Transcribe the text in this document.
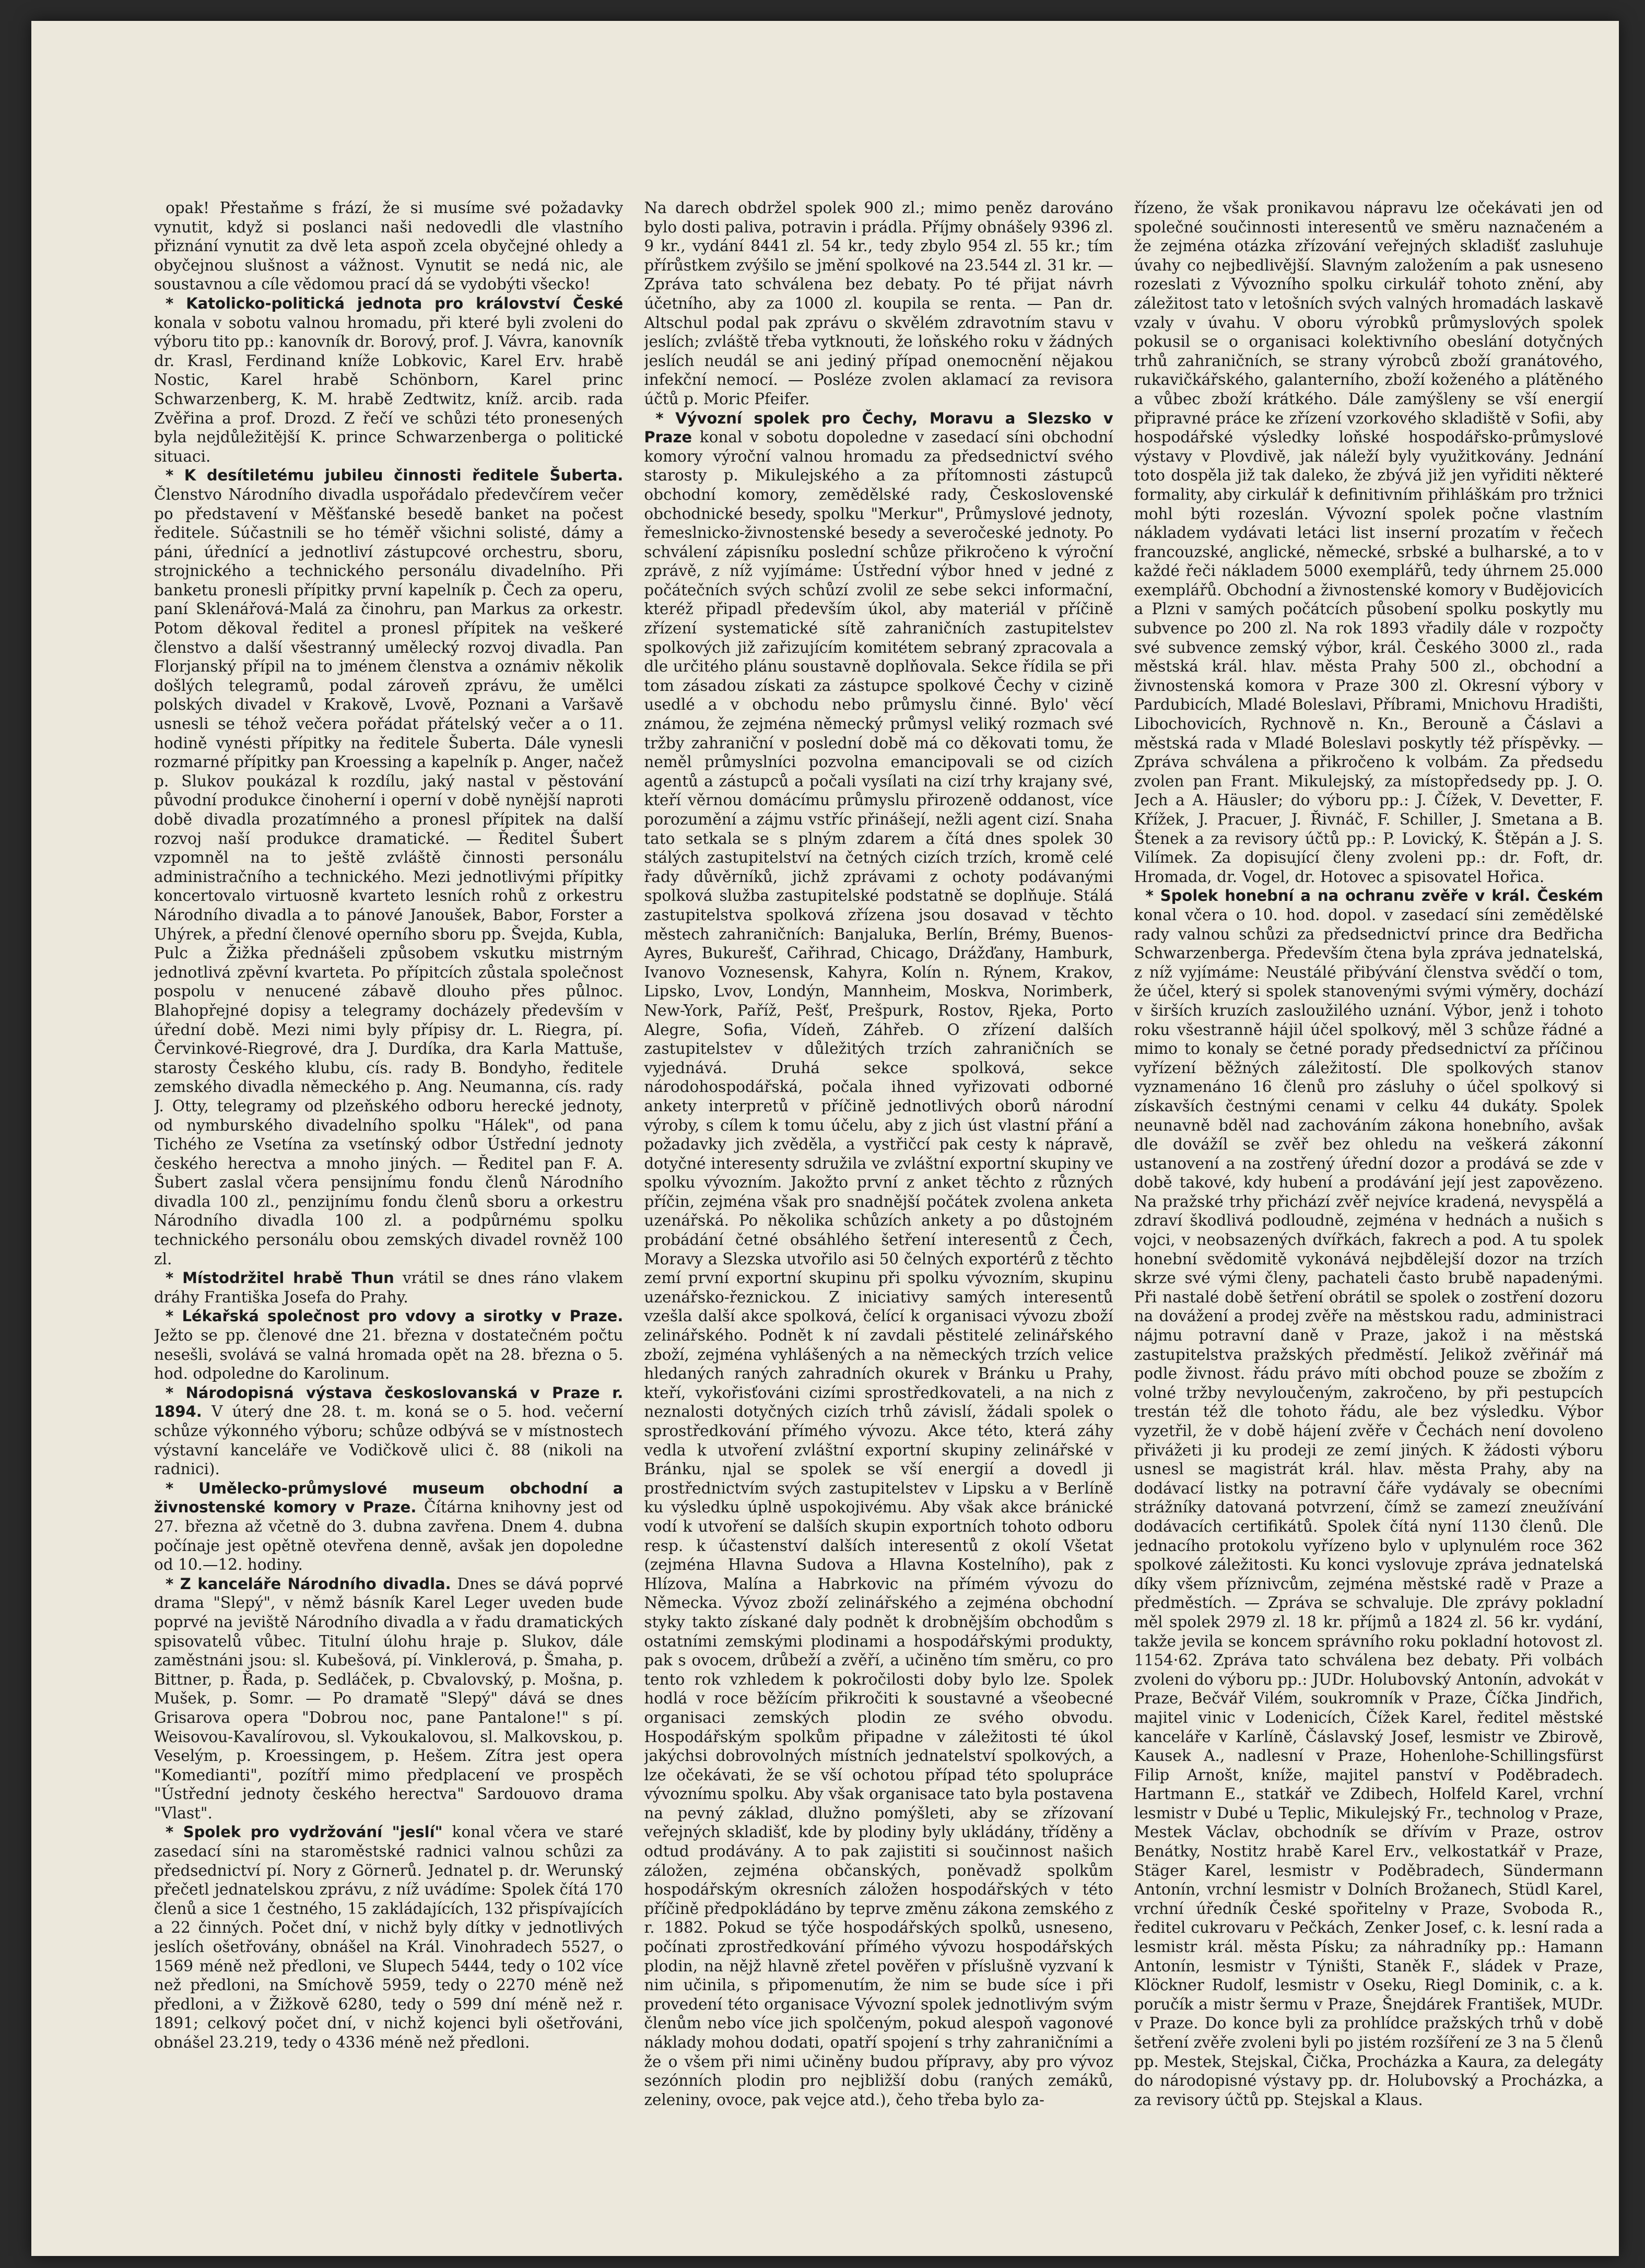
opak! Přestaňme s frází, že si musíme své požadavky vynutit, když si poslanci naši nedovedli dle vlastního přiznání vynutit za dvě leta aspoň zcela obyčejné ohledy a obyčejnou slušnost a vážnost. Vynutit se nedá nic, ale soustavnou a cíle vědomou prací dá se vydobýti všecko!

* Katolicko-politická jednota pro království České konala v sobotu valnou hromadu, při které byli zvoleni do výboru tito pp.: kanovník dr. Borový, prof. J. Vávra, kanovník dr. Krasl, Ferdinand kníže Lobkovic, Karel Erv. hrabě Nostic, Karel hrabě Schönborn, Karel princ Schwarzenberg, K. M. hrabě Zedtwitz, kníž. arcib. rada Zvěřina a prof. Drozd. Z řečí ve schůzi této pronesených byla nejdůležitější K. prince Schwarzenberga o politické situaci.

* K desítiletému jubileu činnosti ředitele Šuberta. Členstvo Národního divadla uspořádalo předevčírem večer po představení v Měšťanské besedě banket na počest ředitele. Súčastnili se ho téměř všichni solisté, dámy a páni, úřednící a jednotliví zástupcové orchestru, sboru, strojnického a technického personálu divadelního. Při banketu pronesli přípitky první kapelník p. Čech za operu, paní Sklenářová-Malá za činohru, pan Markus za orkestr. Potom děkoval ředitel a pronesl přípitek na veškeré členstvo a další všestranný umělecký rozvoj divadla. Pan Florjanský přípil na to jménem členstva a oznámiv několik došlých telegramů, podal zároveň zprávu, že umělci polských divadel v Krakově, Lvově, Poznani a Varšavě usnesli se téhož večera pořádat přátelský večer a o 11. hodině vynésti přípitky na ředitele Šuberta. Dále vynesli rozmarné přípitky pan Kroessing a kapelník p. Anger, načež p. Slukov poukázal k rozdílu, jaký nastal v pěstování původní produkce činoherní i operní v době nynější naproti době divadla prozatímného a pronesl přípitek na další rozvoj naší produkce dramatické. — Ředitel Šubert vzpomněl na to ještě zvláště činnosti personálu administračního a technického. Mezi jednotlivými přípitky koncertovalo virtuosně kvarteto lesních rohů z orkestru Národního divadla a to pánové Janoušek, Babor, Forster a Uhýrek, a přední členové operního sboru pp. Švejda, Kubla, Pulc a Žižka přednášeli způsobem vskutku mistrným jednotlivá zpěvní kvarteta. Po přípitcích zůstala společnost pospolu v nenucené zábavě dlouho přes půlnoc. Blahopřejné dopisy a telegramy docházely především v úřední době. Mezi nimi byly přípisy dr. L. Riegra, pí. Červinkové-Riegrové, dra J. Durdíka, dra Karla Mattuše, starosty Českého klubu, cís. rady B. Bondyho, ředitele zemského divadla německého p. Ang. Neumanna, cís. rady J. Otty, telegramy od plzeňského odboru herecké jednoty, od nymburského divadelního spolku "Hálek", od pana Tichého ze Vsetína za vsetínský odbor Ústřední jednoty českého herectva a mnoho jiných. — Ředitel pan F. A. Šubert zaslal včera pensijnímu fondu členů Národního divadla 100 zl., penzijnímu fondu členů sboru a orkestru Národního divadla 100 zl. a podpůrnému spolku technického personálu obou zemských divadel rovněž 100 zl.

* Místodržitel hrabě Thun vrátil se dnes ráno vlakem dráhy Františka Josefa do Prahy.

* Lékařská společnost pro vdovy a sirotky v Praze. Ježto se pp. členové dne 21. března v dostatečném počtu nesešli, svolává se valná hromada opět na 28. března o 5. hod. odpoledne do Karolinum.

* Národopisná výstava českoslovanská v Praze r. 1894. V úterý dne 28. t. m. koná se o 5. hod. večerní schůze výkonného výboru; schůze odbývá se v místnostech výstavní kanceláře ve Vodičkově ulici č. 88 (nikoli na radnici).

* Umělecko-průmyslové museum obchodní a živnostenské komory v Praze. Čítárna knihovny jest od 27. března až včetně do 3. dubna zavřena. Dnem 4. dubna počínaje jest opětně otevřena denně, avšak jen dopoledne od 10.—12. hodiny.

* Z kanceláře Národního divadla. Dnes se dává poprvé drama "Slepý", v němž básník Karel Leger uveden bude poprvé na jeviště Národního divadla a v řadu dramatických spisovatelů vůbec. Titulní úlohu hraje p. Slukov, dále zaměstnáni jsou: sl. Kubešová, pí. Vinklerová, p. Šmaha, p. Bittner, p. Řada, p. Sedláček, p. Cbvalovský, p. Mošna, p. Mušek, p. Somr. — Po dramatě "Slepý" dává se dnes Grisarova opera "Dobrou noc, pane Pantalone!" s pí. Weisovou-Kavalírovou, sl. Vykoukalovou, sl. Malkovskou, p. Veselým, p. Kroessingem, p. Hešem. Zítra jest opera "Komedianti", pozítří mimo předplacení ve prospěch "Ústřední jednoty českého herectva" Sardouovo drama "Vlast".

* Spolek pro vydržování "jeslí" konal včera ve staré zasedací síni na staroměstské radnici valnou schůzi za předsednictví pí. Nory z Görnerů. Jednatel p. dr. Werunský přečetl jednatelskou zprávu, z níž uvádíme: Spolek čítá 170 členů a sice 1 čestného, 15 zakládajících, 132 přispívajících a 22 činných. Počet dní, v nichž byly dítky v jednotlivých jeslích ošetřovány, obnášel na Král. Vinohradech 5527, o 1569 méně než předloni, ve Slupech 5444, tedy o 102 více než předloni, na Smíchově 5959, tedy o 2270 méně než předloni, a v Žižkově 6280, tedy o 599 dní méně než r. 1891; celkový počet dní, v nichž kojenci byli ošetřováni, obnášel 23.219, tedy o 4336 méně než předloni.

Na darech obdržel spolek 900 zl.; mimo peněz darováno bylo dosti paliva, potravin i prádla. Příjmy obnášely 9396 zl. 9 kr., vydání 8441 zl. 54 kr., tedy zbylo 954 zl. 55 kr.; tím přírůstkem zvýšilo se jmění spolkové na 23.544 zl. 31 kr. — Zpráva tato schválena bez debaty. Po té přijat návrh účetního, aby za 1000 zl. koupila se renta. — Pan dr. Altschul podal pak zprávu o skvělém zdravotním stavu v jeslích; zvláště třeba vytknouti, že loňského roku v žádných jeslích neudál se ani jediný případ onemocnění nějakou infekční nemocí. — Posléze zvolen aklamací za revisora účtů p. Moric Pfeifer.

* Vývozní spolek pro Čechy, Moravu a Slezsko v Praze konal v sobotu dopoledne v zasedací síni obchodní komory výroční valnou hromadu za předsednictví svého starosty p. Mikulejského a za přítomnosti zástupců obchodní komory, zemědělské rady, Československé obchodnické besedy, spolku "Merkur", Průmyslové jednoty, řemeslnicko-živnostenské besedy a severočeské jednoty. Po schválení zápisníku poslední schůze přikročeno k výroční zprávě, z níž vyjímáme: Ústřední výbor hned v jedné z počátečních svých schůzí zvolil ze sebe sekci informační, kteréž připadl především úkol, aby materiál v příčině zřízení systematické sítě zahraničních zastupitelstev spolkových již zařizujícím komitétem sebraný zpracovala a dle určitého plánu soustavně doplňovala. Sekce řídila se při tom zásadou získati za zástupce spolkové Čechy v cizině usedlé a v obchodu nebo průmyslu činné. Bylo' věcí známou, že zejména německý průmysl veliký rozmach své tržby zahraniční v poslední době má co děkovati tomu, že neměl průmyslníci pozvolna emancipovali se od cizích agentů a zástupců a počali vysílati na cizí trhy krajany své, kteří věrnou domácímu průmyslu přirozeně oddanost, více porozumění a zájmu vstříc přinášejí, nežli agent cizí. Snaha tato setkala se s plným zdarem a čítá dnes spolek 30 stálých zastupitelství na četných cizích trzích, kromě celé řady důvěrníků, jichž zprávami z ochoty podávanými spolková služba zastupitelské podstatně se doplňuje. Stálá zastupitelstva spolková zřízena jsou dosavad v těchto městech zahraničních: Banjaluka, Berlín, Brémy, Buenos-Ayres, Bukurešť, Cařihrad, Chicago, Drážďany, Hamburk, Ivanovo Voznesensk, Kahyra, Kolín n. Rýnem, Krakov, Lipsko, Lvov, Londýn, Mannheim, Moskva, Norimberk, New-York, Paříž, Pešť, Prešpurk, Rostov, Rjeka, Porto Alegre, Sofia, Vídeň, Záhřeb. O zřízení dalších zastupitelstev v důležitých trzích zahraničních se vyjednává. Druhá sekce spolková, sekce národohospodářská, počala ihned vyřizovati odborné ankety interpretů v příčině jednotlivých oborů národní výroby, s cílem k tomu účelu, aby z jich úst vlastní přání a požadavky jich zvěděla, a vystřičcí pak cesty k nápravě, dotyčné interesenty sdružila ve zvláštní exportní skupiny ve spolku vývozním. Jakožto první z anket těchto z různých příčin, zejména však pro snadnější počátek zvolena anketa uzenářská. Po několika schůzích ankety a po důstojném probádání četné obsáhlého šetření interesentů z Čech, Moravy a Slezska utvořilo asi 50 čelných exportérů z těchto zemí první exportní skupinu při spolku vývozním, skupinu uzenářsko-řeznickou. Z iniciativy samých interesentů vzešla další akce spolková, čelící k organisaci vývozu zboží zelinářského. Podnět k ní zavdali pěstitelé zelinářského zboží, zejména vyhlášených a na německých trzích velice hledaných raných zahradních okurek v Bránku u Prahy, kteří, vykořisťováni cizími sprostředkovateli, a na nich z neznalosti dotyčných cizích trhů závislí, žádali spolek o sprostředkování přímého vývozu. Akce této, která záhy vedla k utvoření zvláštní exportní skupiny zelinářské v Bránku, njal se spolek se vší energií a dovedl ji prostřednictvím svých zastupitelstev v Lipsku a v Berlíně ku výsledku úplně uspokojivému. Aby však akce bránické vodí k utvoření se dalších skupin exportních tohoto odboru resp. k účastenství dalších interesentů z okolí Všetat (zejména Hlavna Sudova a Hlavna Kostelního), pak z Hlízova, Malína a Habrkovic na přímém vývozu do Německa. Vývoz zboží zelinářského a zejména obchodní styky takto získané daly podnět k drobnějším obchodům s ostatními zemskými plodinami a hospodářskými produkty, pak s ovocem, drůbeží a zvěří, a učiněno tím směru, co pro tento rok vzhledem k pokročilosti doby bylo lze. Spolek hodlá v roce běžícím přikročiti k soustavné a všeobecné organisaci zemských plodin ze svého obvodu. Hospodářským spolkům připadne v záležitosti té úkol jakýchsi dobrovolných místních jednatelství spolkových, a lze očekávati, že se vší ochotou případ této spolupráce vývoznímu spolku. Aby však organisace tato byla postavena na pevný základ, dlužno pomýšleti, aby se zřízovaní veřejných skladišť, kde by plodiny byly ukládány, tříděny a odtud prodávány. A to pak zajistiti si součinnost našich záložen, zejména občanských, poněvadž spolkům hospodářským okresních záložen hospodářských v této příčině předpokládáno by teprve změnu zákona zemského z r. 1882. Pokud se týče hospodářských spolků, usneseno, počínati zprostředkování přímého vývozu hospodářských plodin, na nějž hlavně zřetel pověřen v příslušně vyzvaní k nim učinila, s připomenutím, že nim se bude síce i při provedení této organisace Vývozní spolek jednotlivým svým členům nebo více jich spolčeným, pokud alespoň vagonové náklady mohou dodati, opatří spojení s trhy zahraničními a že o všem při nimi učiněny budou přípravy, aby pro vývoz sezónních plodin pro nejbližší dobu (raných zemáků, zeleniny, ovoce, pak vejce atd.), čeho třeba bylo za-

řízeno, že však pronikavou nápravu lze očekávati jen od společné součinnosti interesentů ve směru naznačeném a že zejména otázka zřízování veřejných skladišť zasluhuje úvahy co nejbedlivější. Slavným založením a pak usneseno rozeslati z Vývozního spolku cirkulář tohoto znění, aby záležitost tato v letošních svých valných hromadách laskavě vzaly v úvahu. V oboru výrobků průmyslových spolek pokusil se o organisaci kolektivního obeslání dotyčných trhů zahraničních, se strany výrobců zboží granátového, rukavičkářského, galanterního, zboží koženého a plátěného a vůbec zboží krátkého. Dále zamýšleny se vší energií připravné práce ke zřízení vzorkového skladiště v Sofii, aby hospodářské výsledky loňské hospodářsko-průmyslové výstavy v Plovdivě, jak náleží byly využitkovány. Jednání toto dospěla již tak daleko, že zbývá již jen vyřiditi některé formality, aby cirkulář k definitivním přihláškám pro tržnici mohl býti rozeslán. Vývozní spolek počne vlastním nákladem vydávati letáci list inserní prozatím v řečech francouzské, anglické, německé, srbské a bulharské, a to v každé řeči nákladem 5000 exemplářů, tedy úhrnem 25.000 exemplářů. Obchodní a živnostenské komory v Budějovicích a Plzni v samých počátcích působení spolku poskytly mu subvence po 200 zl. Na rok 1893 vřadily dále v rozpočty své subvence zemský výbor, král. Českého 3000 zl., rada městská král. hlav. města Prahy 500 zl., obchodní a živnostenská komora v Praze 300 zl. Okresní výbory v Pardubicích, Mladé Boleslavi, Příbrami, Mnichovu Hradišti, Libochovicích, Rychnově n. Kn., Berouně a Čáslavi a městská rada v Mladé Boleslavi poskytly též příspěvky. — Zpráva schválena a přikročeno k volbám. Za předsedu zvolen pan Frant. Mikulejský, za místopředsedy pp. J. O. Jech a A. Häusler; do výboru pp.: J. Čížek, V. Devetter, F. Křížek, J. Pracuer, J. Řivnáč, F. Schiller, J. Smetana a B. Štenek a za revisory účtů pp.: P. Lovický, K. Štěpán a J. S. Vilímek. Za dopisující členy zvoleni pp.: dr. Foft, dr. Hromada, dr. Vogel, dr. Hotovec a spisovatel Hořica.

* Spolek honební a na ochranu zvěře v král. Českém konal včera o 10. hod. dopol. v zasedací síni zemědělské rady valnou schůzi za předsednictví prince dra Bedřicha Schwarzenberga. Především čtena byla zpráva jednatelská, z níž vyjímáme: Neustálé přibývání členstva svědčí o tom, že účel, který si spolek stanovenými svými výměry, dochází v širších kruzích zasloužilého uznání. Výbor, jenž i tohoto roku všestranně hájil účel spolkový, měl 3 schůze řádné a mimo to konaly se četné porady předsednictví za příčinou vyřízení běžných záležitostí. Dle spolkových stanov vyznamenáno 16 členů pro zásluhy o účel spolkový si získavších čestnými cenami v celku 44 dukáty. Spolek neunavně bděl nad zachováním zákona honebního, avšak dle dovážíl se zvěř bez ohledu na veškerá zákonní ustanovení a na zostřený úřední dozor a prodává se zde v době takové, kdy hubení a prodávání její jest zapovězeno. Na pražské trhy přichází zvěř nejvíce kradená, nevyspělá a zdraví škodlivá podloudně, zejména v hednách a nušich s vojci, v neobsazených dvířkách, fakrech a pod. A tu spolek honební svědomitě vykonává nejbdělejší dozor na trzích skrze své vými členy, pachateli často brubě napadenými. Při nastalé době šetření obrátil se spolek o zostření dozoru na dovážení a prodej zvěře na městskou radu, administraci nájmu potravní daně v Praze, jakož i na městská zastupitelstva pražských předměstí. Jelikož zvěřinář má podle živnost. řádu právo míti obchod pouze se zbožím z volné tržby nevyloučeným, zakročeno, by při pestupcích trestán též dle tohoto řádu, ale bez výsledku. Výbor vyzetřil, že v době hájení zvěře v Čechách není dovoleno přivážeti ji ku prodeji ze zemí jiných. K žádosti výboru usnesl se magistrát král. hlav. města Prahy, aby na dodávací listky na potravní čáře vydávaly se obecními strážníky datovaná potvrzení, čímž se zamezí zneužívání dodávacích certifikátů. Spolek čítá nyní 1130 členů. Dle jednacího protokolu vyřízeno bylo v uplynulém roce 362 spolkové záležitosti. Ku konci vyslovuje zpráva jednatelská díky všem příznivcům, zejména městské radě v Praze a předměstích. — Zpráva se schvaluje. Dle zprávy pokladní měl spolek 2979 zl. 18 kr. příjmů a 1824 zl. 56 kr. vydání, takže jevila se koncem správního roku pokladní hotovost zl. 1154·62. Zpráva tato schválena bez debaty. Při volbách zvoleni do výboru pp.: JUDr. Holubovský Antonín, advokát v Praze, Bečvář Vilém, soukromník v Praze, Číčka Jindřich, majitel vinic v Lodenicích, Čížek Karel, ředitel městské kanceláře v Karlíně, Čáslavský Josef, lesmistr ve Zbirově, Kausek A., nadlesní v Praze, Hohenlohe-Schillingsfürst Filip Arnošt, kníže, majitel panství v Poděbradech. Hartmann E., statkář ve Zdibech, Holfeld Karel, vrchní lesmistr v Dubé u Teplic, Mikulejský Fr., technolog v Praze, Mestek Václav, obchodník se dřívím v Praze, ostrov Benátky, Nostitz hrabě Karel Erv., velkostatkář v Praze, Stäger Karel, lesmistr v Poděbradech, Sündermann Antonín, vrchní lesmistr v Dolních Brožanech, Stüdl Karel, vrchní úředník České spořitelny v Praze, Svoboda R., ředitel cukrovaru v Pečkách, Zenker Josef, c. k. lesní rada a lesmistr král. města Písku; za náhradníky pp.: Hamann Antonín, lesmistr v Týništi, Staněk F., sládek v Praze, Klöckner Rudolf, lesmistr v Oseku, Riegl Dominik, c. a k. poručík a mistr šermu v Praze, Šnejdárek František, MUDr. v Praze. Do konce byli za prohlídce pražských trhů v době šetření zvěře zvoleni byli po jistém rozšíření ze 3 na 5 členů pp. Mestek, Stejskal, Čička, Procházka a Kaura, za delegáty do národopisné výstavy pp. dr. Holubovský a Procházka, a za revisory účtů pp. Stejskal a Klaus.
